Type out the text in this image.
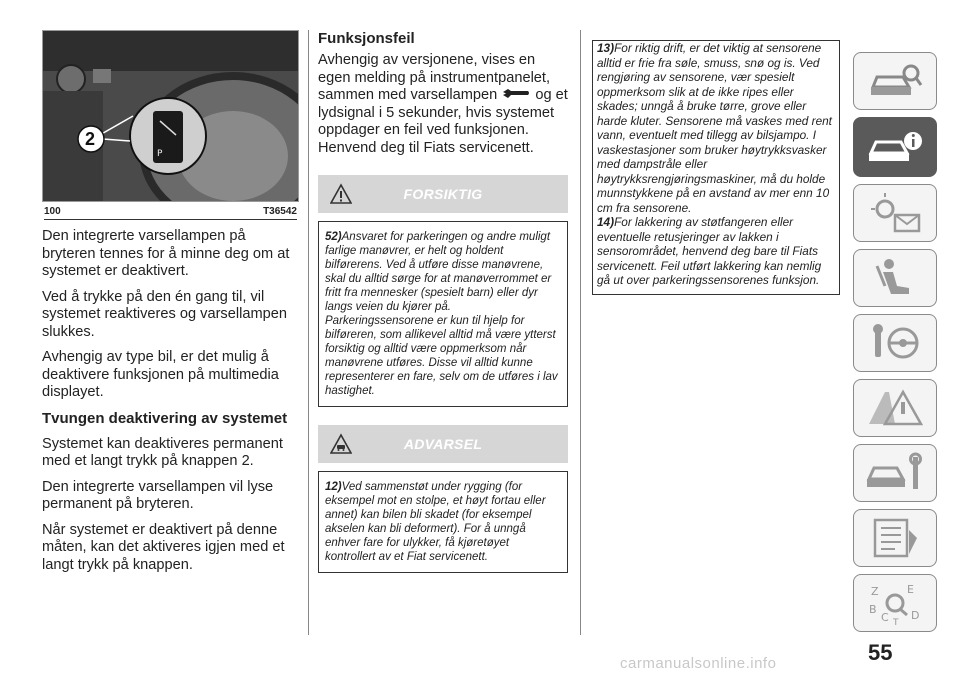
P
2
100	T36542

Den integrerte varsellampen på bryteren tennes for å minne deg om at systemet er deaktivert.

Ved å trykke på den én gang til, vil systemet reaktiveres og varsellampen slukkes.

Avhengig av type bil, er det mulig å deaktivere funksjonen på multimedia displayet.

Tvungen deaktivering av systemet

Systemet kan deaktiveres permanent med et langt trykk på knappen 2.

Den integrerte varsellampen vil lyse permanent på bryteren.

Når systemet er deaktivert på denne måten, kan det aktiveres igjen med et langt trykk på knappen.

Funksjonsfeil

Avhengig av versjonene, vises en egen melding på instrumentpanelet, sammen med varsellampen	og et lydsignal i 5 sekunder, hvis systemet oppdager en feil ved funksjonen. Henvend deg til Fiats servicenett.

FORSIKTIG
52)Ansvaret for parkeringen og andre muligt farlige manøvrer, er helt og holdent bilførerens. Ved å utføre disse manøvrene, skal du alltid sørge for at manøverrommet er fritt fra mennesker (spesielt barn) eller dyr langs veien du kjører på. Parkeringssensorene er kun til hjelp for bilføreren, som allikevel alltid må være ytterst forsiktig og alltid være oppmerksom når manøvrene utføres. Disse vil alltid kunne representerer en fare, selv om de utføres i lav hastighet.
ADVARSEL
12)Ved sammenstøt under rygging (for eksempel mot en stolpe, et høyt fortau eller annet) kan bilen bli skadet (for eksempel akselen kan bli deformert). For å unngå enhver fare for ulykker, få kjøretøyet kontrollert av et Fiat servicenett.

13)For riktig drift, er det viktig at sensorene alltid er frie fra søle, smuss, snø og is. Ved rengjøring av sensorene, vær spesielt oppmerksom slik at de ikke ripes eller skades; unngå å bruke tørre, grove eller harde kluter. Sensorene må vaskes med rent vann, eventuelt med tillegg av bilsjampo. I vaskestasjoner som bruker høytrykksvasker med dampstråle eller høytrykksrengjøringsmaskiner, må du holde munnstykkene på en avstand av mer enn 10 cm fra sensorene.

14)For lakkering av støtfangeren eller eventuelle retusjeringer av lakken i sensorområdet, henvend deg bare til Fiats servicenett. Feil utført lakkering kan nemlig gå ut over parkeringssensorenes funksjon.

Z	E
B
C D
T
55
carmanualsonline.info
